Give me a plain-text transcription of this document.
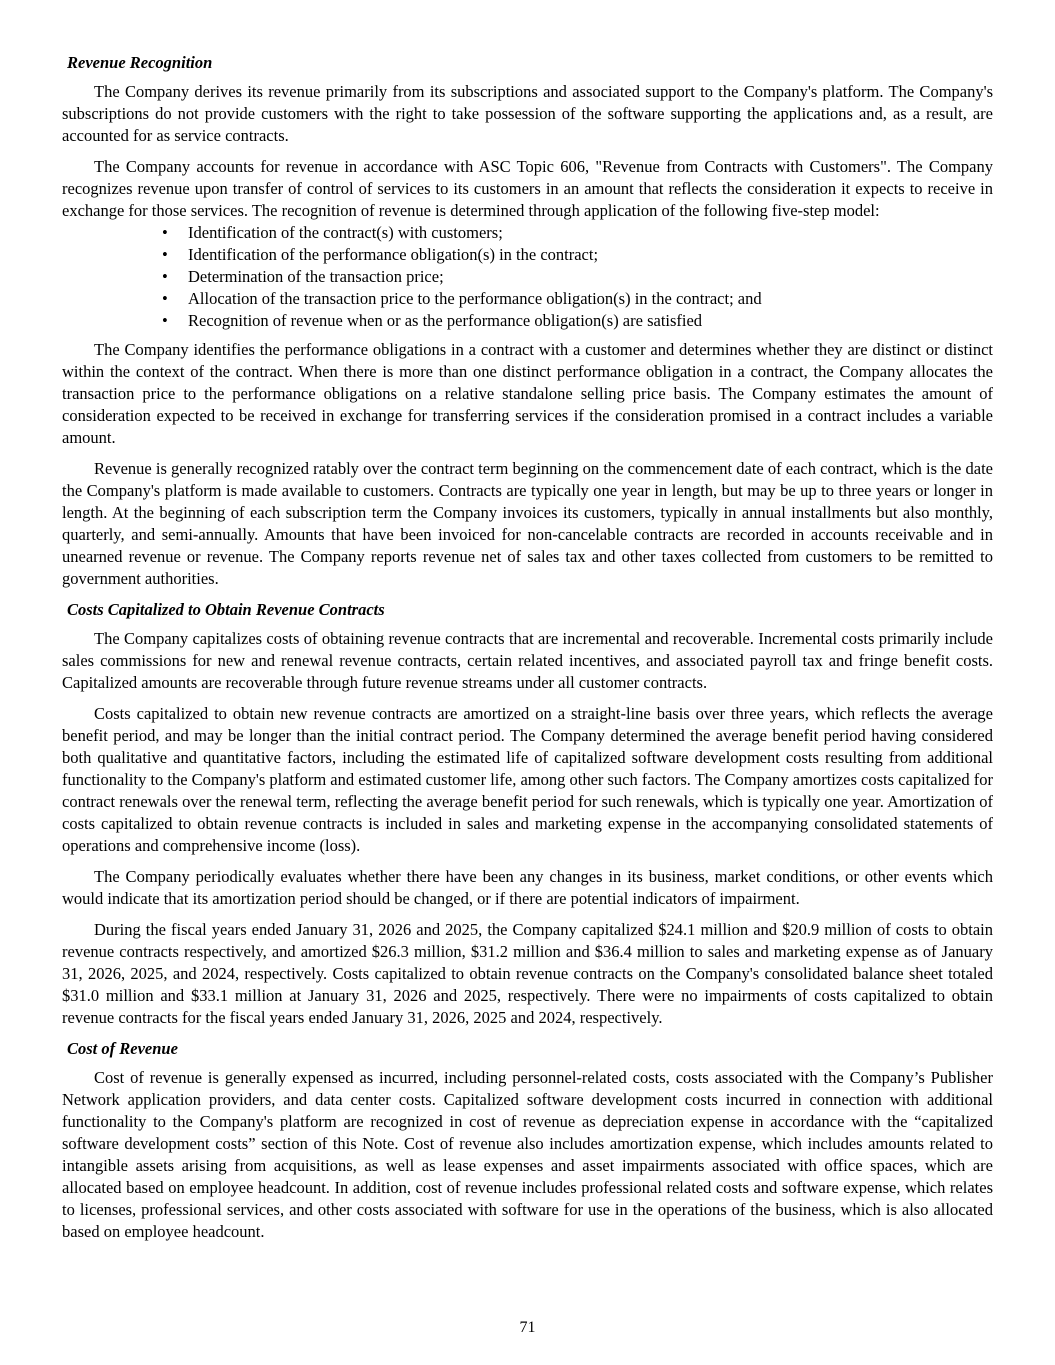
Revenue Recognition

The Company derives its revenue primarily from its subscriptions and associated support to the Company's platform. The Company's subscriptions do not provide customers with the right to take possession of the software supporting the applications and, as a result, are accounted for as service contracts.

The Company accounts for revenue in accordance with ASC Topic 606, "Revenue from Contracts with Customers". The Company recognizes revenue upon transfer of control of services to its customers in an amount that reflects the consideration it expects to receive in exchange for those services. The recognition of revenue is determined through application of the following five-step model:

• Identification of the contract(s) with customers;
• Identification of the performance obligation(s) in the contract;
• Determination of the transaction price;
• Allocation of the transaction price to the performance obligation(s) in the contract; and
• Recognition of revenue when or as the performance obligation(s) are satisfied

The Company identifies the performance obligations in a contract with a customer and determines whether they are distinct or distinct within the context of the contract. When there is more than one distinct performance obligation in a contract, the Company allocates the transaction price to the performance obligations on a relative standalone selling price basis. The Company estimates the amount of consideration expected to be received in exchange for transferring services if the consideration promised in a contract includes a variable amount.

Revenue is generally recognized ratably over the contract term beginning on the commencement date of each contract, which is the date the Company's platform is made available to customers. Contracts are typically one year in length, but may be up to three years or longer in length. At the beginning of each subscription term the Company invoices its customers, typically in annual installments but also monthly, quarterly, and semi-annually. Amounts that have been invoiced for non-cancelable contracts are recorded in accounts receivable and in unearned revenue or revenue. The Company reports revenue net of sales tax and other taxes collected from customers to be remitted to government authorities.

Costs Capitalized to Obtain Revenue Contracts

The Company capitalizes costs of obtaining revenue contracts that are incremental and recoverable. Incremental costs primarily include sales commissions for new and renewal revenue contracts, certain related incentives, and associated payroll tax and fringe benefit costs. Capitalized amounts are recoverable through future revenue streams under all customer contracts.

Costs capitalized to obtain new revenue contracts are amortized on a straight-line basis over three years, which reflects the average benefit period, and may be longer than the initial contract period. The Company determined the average benefit period having considered both qualitative and quantitative factors, including the estimated life of capitalized software development costs resulting from additional functionality to the Company's platform and estimated customer life, among other such factors. The Company amortizes costs capitalized for contract renewals over the renewal term, reflecting the average benefit period for such renewals, which is typically one year. Amortization of costs capitalized to obtain revenue contracts is included in sales and marketing expense in the accompanying consolidated statements of operations and comprehensive income (loss).

The Company periodically evaluates whether there have been any changes in its business, market conditions, or other events which would indicate that its amortization period should be changed, or if there are potential indicators of impairment.

During the fiscal years ended January 31, 2026 and 2025, the Company capitalized $24.1 million and $20.9 million of costs to obtain revenue contracts respectively, and amortized $26.3 million, $31.2 million and $36.4 million to sales and marketing expense as of January 31, 2026, 2025, and 2024, respectively. Costs capitalized to obtain revenue contracts on the Company's consolidated balance sheet totaled $31.0 million and $33.1 million at January 31, 2026 and 2025, respectively. There were no impairments of costs capitalized to obtain revenue contracts for the fiscal years ended January 31, 2026, 2025 and 2024, respectively.

Cost of Revenue

Cost of revenue is generally expensed as incurred, including personnel-related costs, costs associated with the Company’s Publisher Network application providers, and data center costs. Capitalized software development costs incurred in connection with additional functionality to the Company's platform are recognized in cost of revenue as depreciation expense in accordance with the “capitalized software development costs” section of this Note. Cost of revenue also includes amortization expense, which includes amounts related to intangible assets arising from acquisitions, as well as lease expenses and asset impairments associated with office spaces, which are allocated based on employee headcount. In addition, cost of revenue includes professional related costs and software expense, which relates to licenses, professional services, and other costs associated with software for use in the operations of the business, which is also allocated based on employee headcount.

71
